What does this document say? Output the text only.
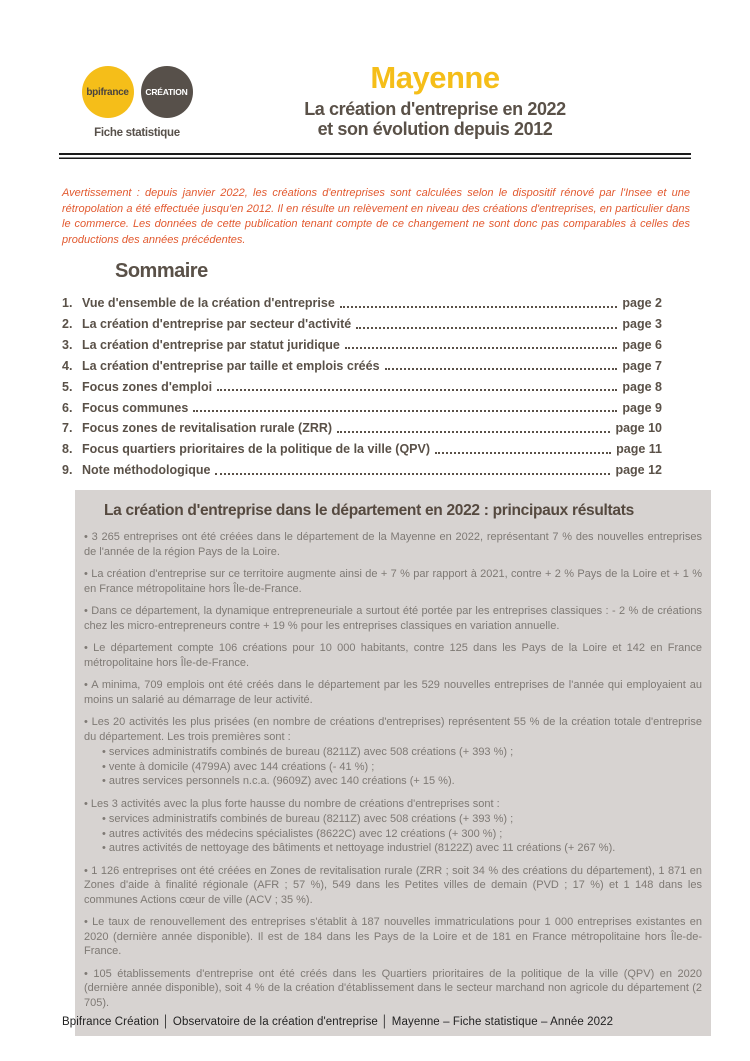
bpifrance CRÉATION
Fiche statistique
Mayenne
La création d'entreprise en 2022
et son évolution depuis 2012

Avertissement : depuis janvier 2022, les créations d'entreprises sont calculées selon le dispositif rénové par l'Insee et une rétropolation a été effectuée jusqu'en 2012. Il en résulte un relèvement en niveau des créations d'entreprises, en particulier dans le commerce. Les données de cette publication tenant compte de ce changement ne sont donc pas comparables à celles des productions des années précédentes.

Sommaire
1. Vue d'ensemble de la création d'entreprise	page 2
2. La création d'entreprise par secteur d'activité	page 3
3. La création d'entreprise par statut juridique	page 6
4. La création d'entreprise par taille et emplois créés	page 7
5. Focus zones d'emploi	page 8
6. Focus communes	page 9
7. Focus zones de revitalisation rurale (ZRR)	page 10
8. Focus quartiers prioritaires de la politique de la ville (QPV)	page 11
9. Note méthodologique	page 12
La création d'entreprise dans le département en 2022 : principaux résultats

• 3 265 entreprises ont été créées dans le département de la Mayenne en 2022, représentant 7 % des nouvelles entreprises de l'année de la région Pays de la Loire.

• La création d'entreprise sur ce territoire augmente ainsi de + 7 % par rapport à 2021, contre + 2 % Pays de la Loire et + 1 % en France métropolitaine hors Île-de-France.

• Dans ce département, la dynamique entrepreneuriale a surtout été portée par les entreprises classiques : - 2 % de créations chez les micro-entrepreneurs contre + 19 % pour les entreprises classiques en variation annuelle.

• Le département compte 106 créations pour 10 000 habitants, contre 125 dans les Pays de la Loire et 142 en France métropolitaine hors Île-de-France.

• A minima, 709 emplois ont été créés dans le département par les 529 nouvelles entreprises de l'année qui employaient au moins un salarié au démarrage de leur activité.

• Les 20 activités les plus prisées (en nombre de créations d'entreprises) représentent 55 % de la création totale d'entreprise du département. Les trois premières sont :

• services administratifs combinés de bureau (8211Z) avec 508 créations (+ 393 %) ;
• vente à domicile (4799A) avec 144 créations (- 41 %) ;
• autres services personnels n.c.a. (9609Z) avec 140 créations (+ 15 %).

• Les 3 activités avec la plus forte hausse du nombre de créations d'entreprises sont :

• services administratifs combinés de bureau (8211Z) avec 508 créations (+ 393 %) ;
• autres activités des médecins spécialistes (8622C) avec 12 créations (+ 300 %) ;
• autres activités de nettoyage des bâtiments et nettoyage industriel (8122Z) avec 11 créations (+ 267 %).

• 1 126 entreprises ont été créées en Zones de revitalisation rurale (ZRR ; soit 34 % des créations du département), 1 871 en Zones d'aide à finalité régionale (AFR ; 57 %), 549 dans les Petites villes de demain (PVD ; 17 %) et 1 148 dans les communes Actions cœur de ville (ACV ; 35 %).

• Le taux de renouvellement des entreprises s'établit à 187 nouvelles immatriculations pour 1 000 entreprises existantes en 2020 (dernière année disponible). Il est de 184 dans les Pays de la Loire et de 181 en France métropolitaine hors Île-de-France.

• 105 établissements d'entreprise ont été créés dans les Quartiers prioritaires de la politique de la ville (QPV) en 2020 (dernière année disponible), soit 4 % de la création d'établissement dans le secteur marchand non agricole du département (2 705).

Bpifrance Création │ Observatoire de la création d'entreprise │ Mayenne – Fiche statistique – Année 2022
